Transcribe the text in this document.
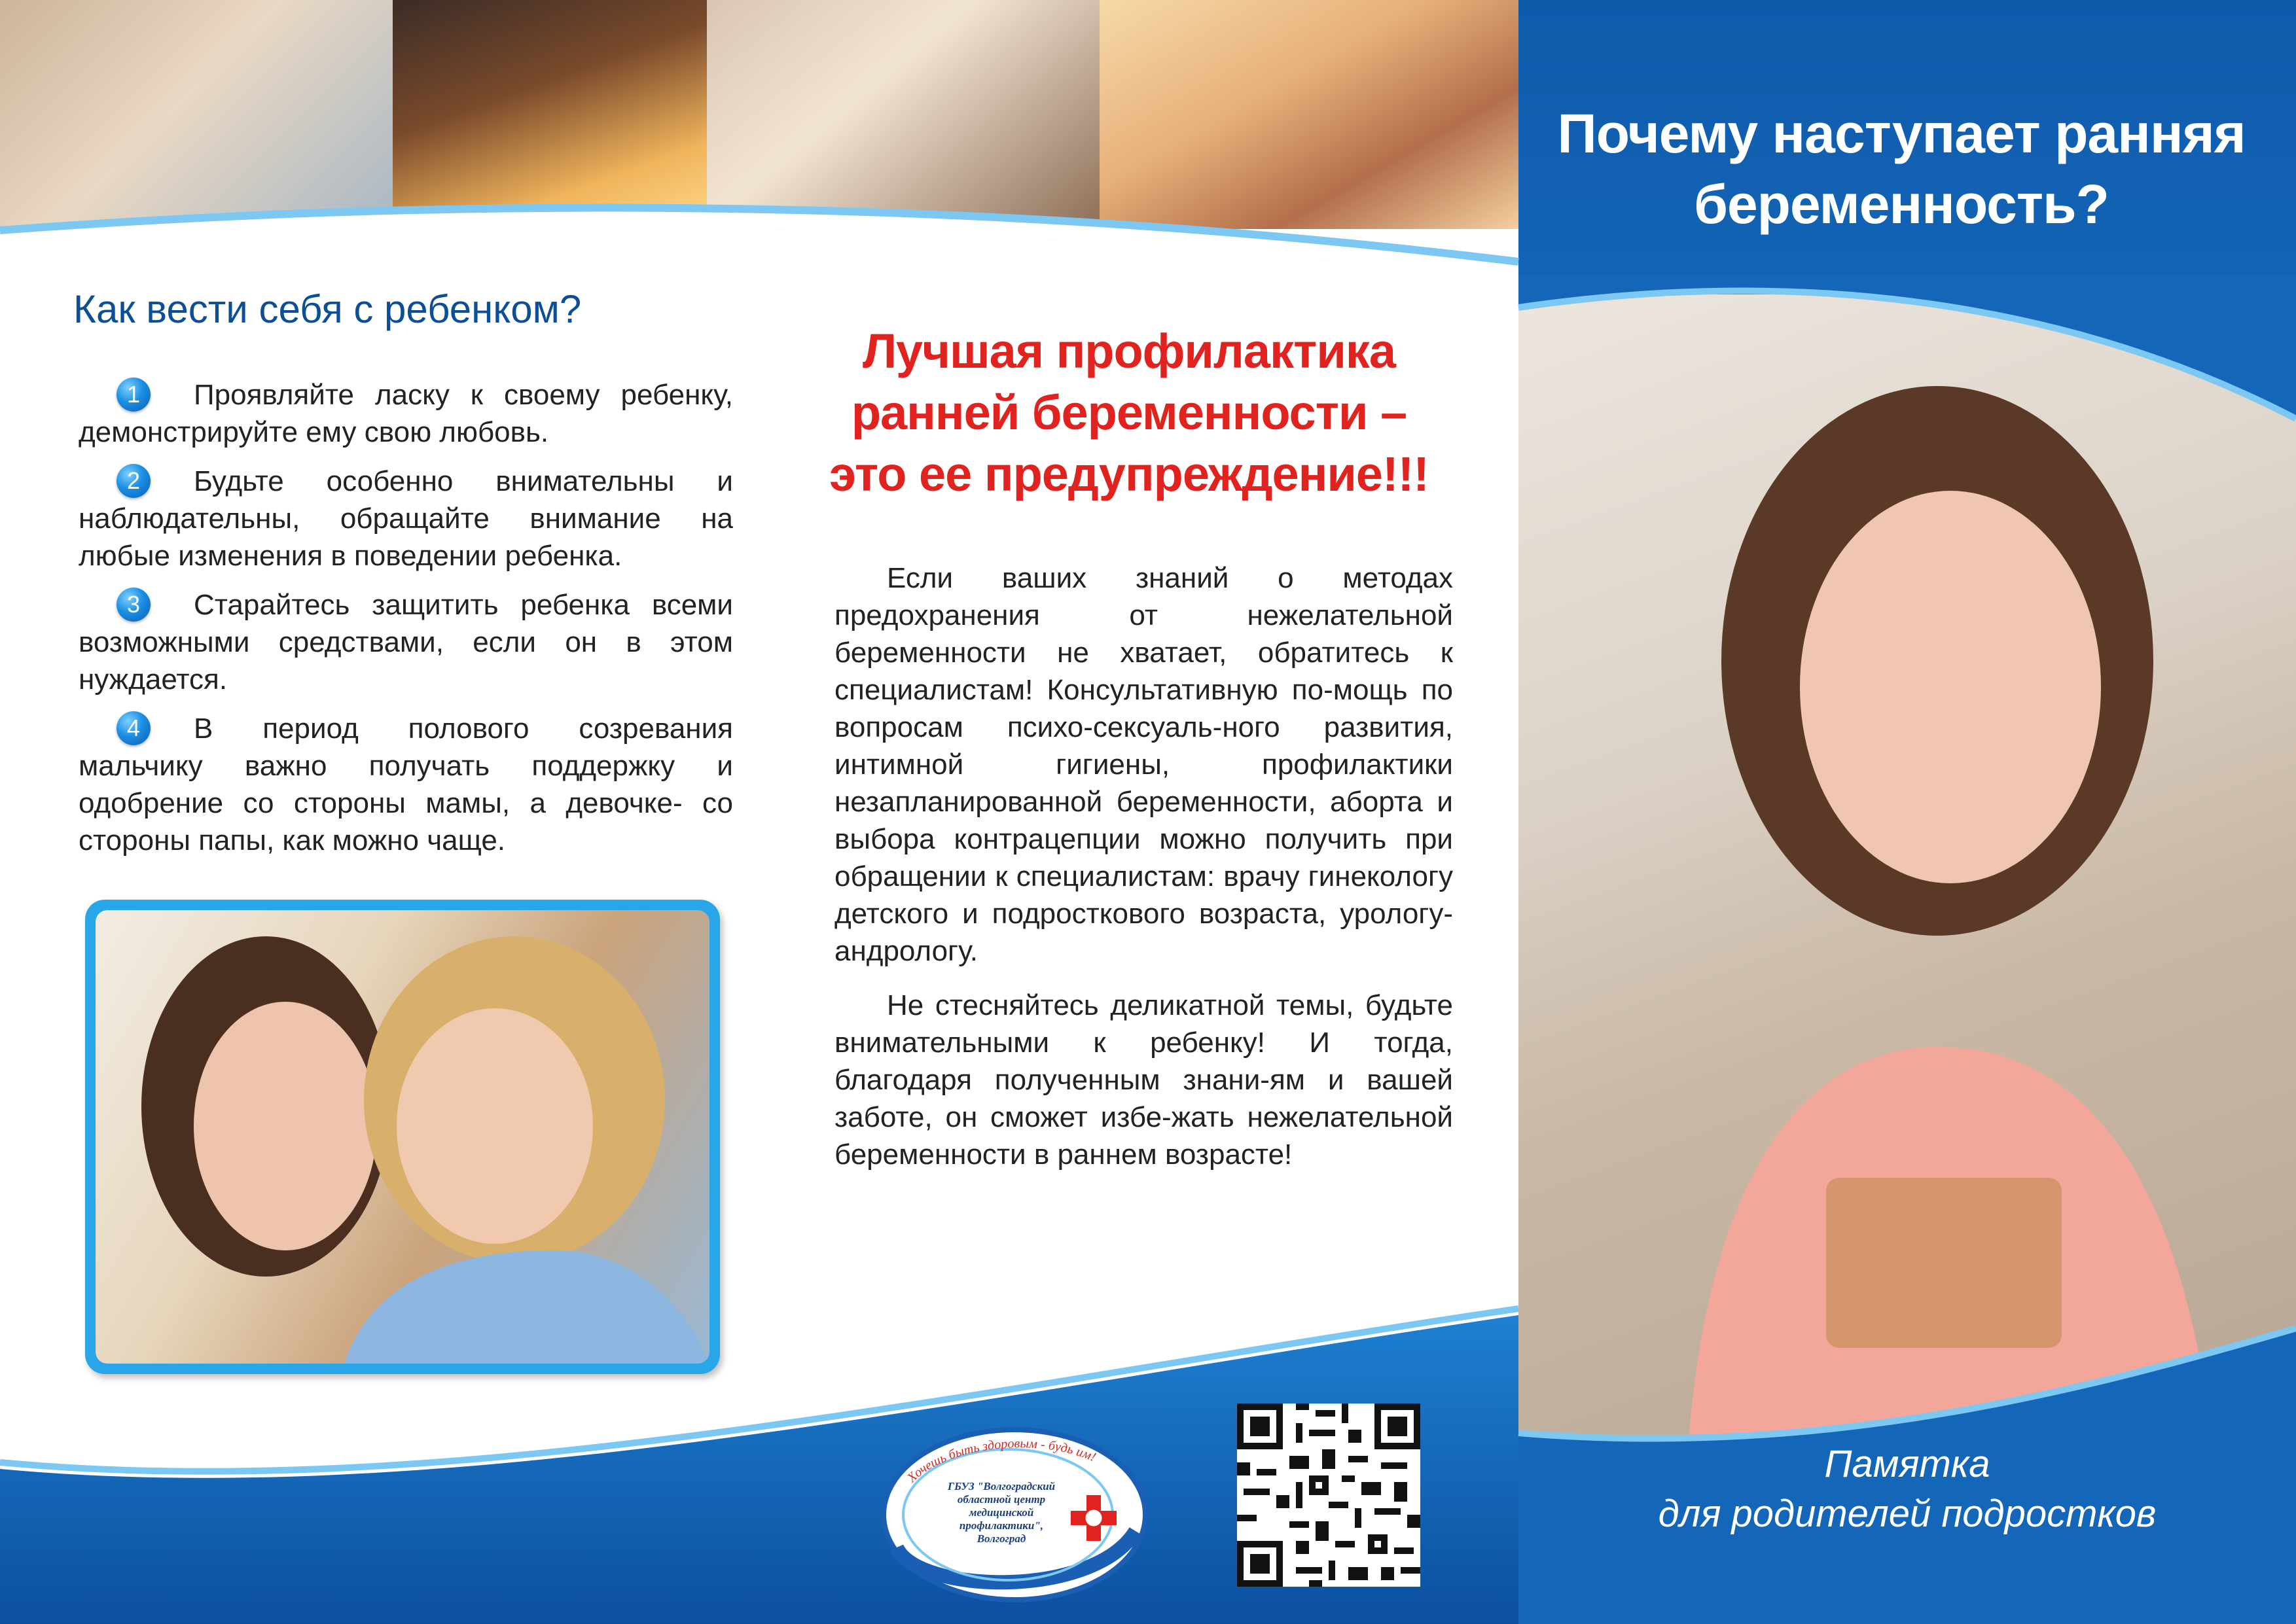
Почему наступает ранняя
беременность?
Памятка
для родителей подростков
Как вести себя с ребенком?
1	Проявляйте ласку к своему ребенку, демонстрируйте ему свою любовь.
2	Будьте особенно внимательны и наблюдательны, обращайте внимание на любые изменения в поведении ребенка.
3	Старайтесь защитить ребенка всеми возможными средствами, если он в этом нуждается.
4	В период полового созревания мальчику важно получать поддержку и одобрение со стороны мамы, а девочке- со стороны папы, как можно чаще.
Лучшая профилактика
ранней беременности –
это ее предупреждение!!!

Если ваших знаний о методах предохранения от нежелательной беременности не хватает, обратитесь к специалистам! Консультативную по-мощь по вопросам психо-сексуаль-ного развития, интимной гигиены, профилактики незапланированной беременности, аборта и выбора контрацепции можно получить при обращении к специалистам: врачу гинекологу детского и подросткового возраста, урологу-андрологу.

Не стесняйтесь деликатной темы, будьте внимательными к ребенку! И тогда, благодаря полученным знани-ям и вашей заботе, он сможет избе-жать нежелательной беременности в раннем возрасте!

Хочешь быть здоровым - будь им!
ГБУЗ "Волгоградский
областной центр
медицинской
профилактики",
Волгоград
